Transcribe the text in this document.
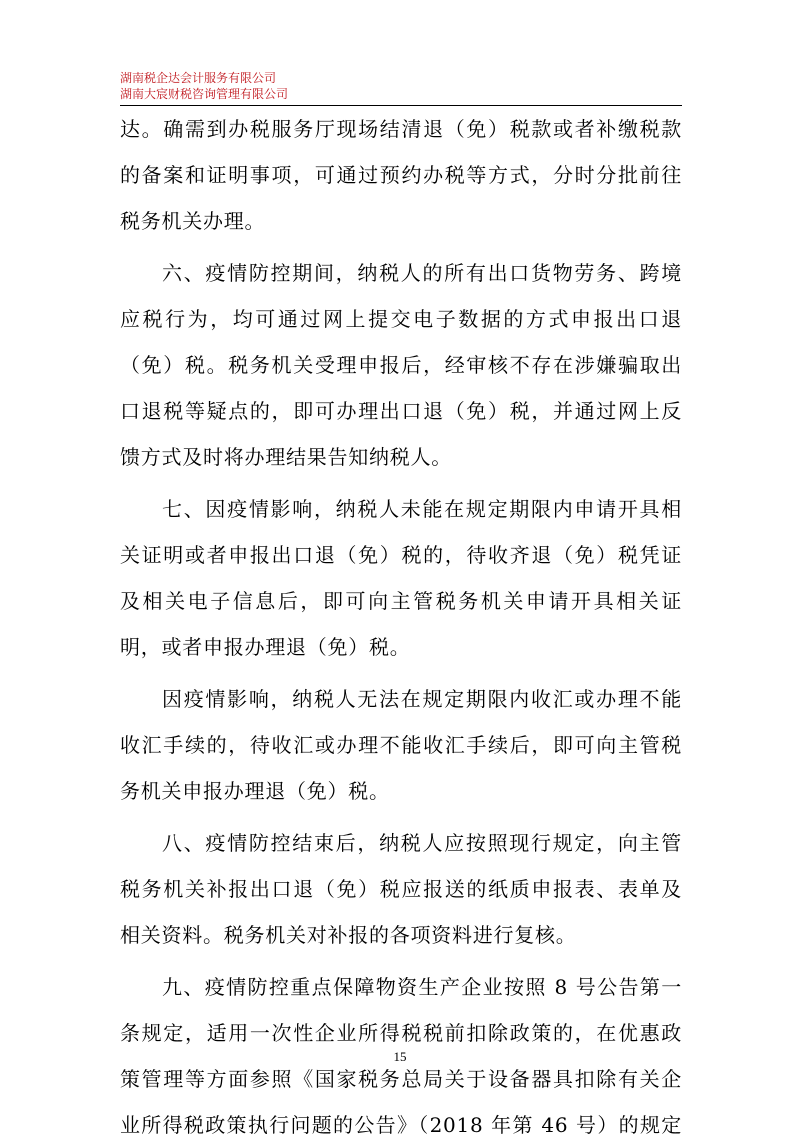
湖南税企达会计服务有限公司
湖南大宸财税咨询管理有限公司
达。确需到办税服务厅现场结清退（免）税款或者补缴税款
的备案和证明事项，可通过预约办税等方式，分时分批前往
税务机关办理。
六、疫情防控期间，纳税人的所有出口货物劳务、跨境
应税行为，均可通过网上提交电子数据的方式申报出口退
（免）税。税务机关受理申报后，经审核不存在涉嫌骗取出
口退税等疑点的，即可办理出口退（免）税，并通过网上反
馈方式及时将办理结果告知纳税人。
七、因疫情影响，纳税人未能在规定期限内申请开具相
关证明或者申报出口退（免）税的，待收齐退（免）税凭证
及相关电子信息后，即可向主管税务机关申请开具相关证
明，或者申报办理退（免）税。
因疫情影响，纳税人无法在规定期限内收汇或办理不能
收汇手续的，待收汇或办理不能收汇手续后，即可向主管税
务机关申报办理退（免）税。
八、疫情防控结束后，纳税人应按照现行规定，向主管
税务机关补报出口退（免）税应报送的纸质申报表、表单及
相关资料。税务机关对补报的各项资料进行复核。
九、疫情防控重点保障物资生产企业按照 8 号公告第一
条规定，适用一次性企业所得税税前扣除政策的，在优惠政
策管理等方面参照《国家税务总局关于设备器具扣除有关企
业所得税政策执行问题的公告》（2018 年第 46 号）的规定
15
